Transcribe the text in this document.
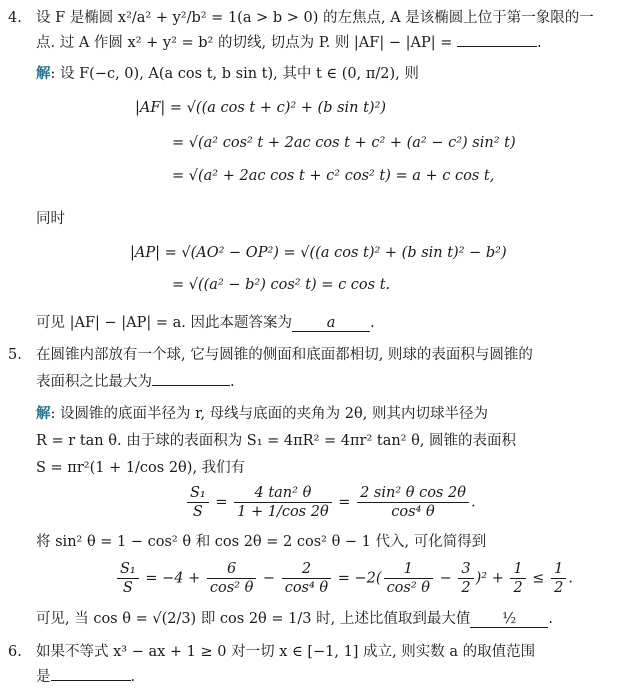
4. 设 F 是椭圆 x²/a² + y²/b² = 1(a > b > 0) 的左焦点, A 是该椭圆上位于第一象限的一
点. 过 A 作圆 x² + y² = b² 的切线, 切点为 P. 则 |AF| − |AP| =	.
解: 设 F(−c, 0), A(a cos t, b sin t), 其中 t ∈ (0, π/2), 则
|AF| = √((a cos t + c)² + (b sin t)²)
= √(a² cos² t + 2ac cos t + c² + (a² − c²) sin² t)
= √(a² + 2ac cos t + c² cos² t) = a + c cos t,
同时
|AP| = √(AO² − OP²) = √((a cos t)² + (b sin t)² − b²)
= √((a² − b²) cos² t) = c cos t.
可见 |AF| − |AP| = a. 因此本题答案为 a .
5. 在圆锥内部放有一个球, 它与圆锥的侧面和底面都相切, 则球的表面积与圆锥的
表面积之比最大为	.
解: 设圆锥的底面半径为 r, 母线与底面的夹角为 2θ, 则其内切球半径为
R = r tan θ. 由于球的表面积为 S₁ = 4πR² = 4πr² tan² θ, 圆锥的表面积
S = πr²(1 + 1/cos 2θ), 我们有
$\frac{\text{S₁}}{S} = \frac{\text{4 tan² θ}}{1 + 1/\cos 2\theta} = \frac{\text{2 sin² θ cos 2θ}}{\text{cos⁴ θ}}$ .
将 sin² θ = 1 − cos² θ 和 cos 2θ = 2 cos² θ − 1 代入, 可化简得到
$\frac{\text{S₁}}{S} = -4 + \frac{6}{\text{cos² θ}} - \frac{2}{\text{cos⁴ θ}} = -2( \frac{1}{\text{cos² θ}} - \frac{3}{2} )^2 + \frac{1}{2} \le \frac{1}{2}$ .
可见, 当 cos θ = √(2/3) 即 cos 2θ = 1/3 时, 上述比值取到最大值 ½ .
6. 如果不等式 x³ − ax + 1 ≥ 0 对一切 x ∈ [−1, 1] 成立, 则实数 a 的取值范围
是	.
